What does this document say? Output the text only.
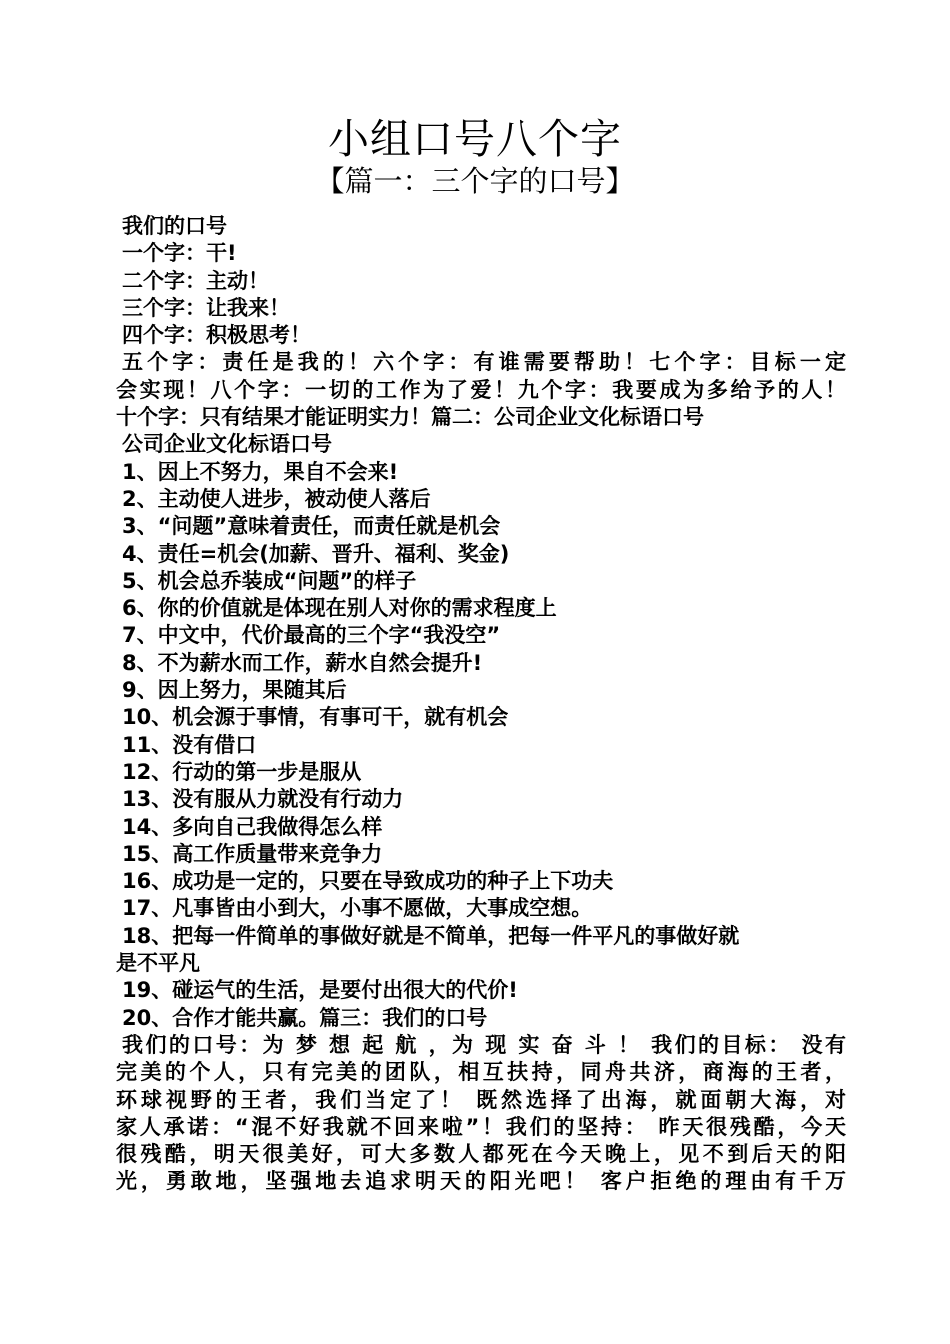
小组口号八个字
【篇一：三个字的口号】
我们的口号
一个字：干!
二个字：主动！
三个字：让我来！
四个字：积极思考！
五个字：责任是我的！六个字：有谁需要帮助！七个字：目标一定
会实现！八个字：一切的工作为了爱！九个字：我要成为多给予的人！
十个字：只有结果才能证明实力！篇二：公司企业文化标语口号
公司企业文化标语口号
1、因上不努力，果自不会来!
2、主动使人进步，被动使人落后
3、“问题”意味着责任，而责任就是机会
4、责任=机会(加薪、晋升、福利、奖金)
5、机会总乔装成“问题”的样子
6、你的价值就是体现在别人对你的需求程度上
7、中文中，代价最高的三个字“我没空”
8、不为薪水而工作，薪水自然会提升!
9、因上努力，果随其后
10、机会源于事情，有事可干，就有机会
11、没有借口
12、行动的第一步是服从
13、没有服从力就没有行动力
14、多向自己我做得怎么样
15、高工作质量带来竞争力
16、成功是一定的，只要在导致成功的种子上下功夫
17、凡事皆由小到大，小事不愿做，大事成空想。
18、把每一件简单的事做好就是不简单，把每一件平凡的事做好就
是不平凡
19、碰运气的生活，是要付出很大的代价!
20、合作才能共赢。篇三：我们的口号
我们的口号：为 梦 想 起 航 ，为 现 实 奋 斗 ！ 我们的目标： 没有
完美的个人，只有完美的团队，相互扶持，同舟共济，商海的王者，
环球视野的王者，我们当定了！ 既然选择了出海，就面朝大海，对
家人承诺：“混不好我就不回来啦”！我们的坚持： 昨天很残酷，今天
很残酷，明天很美好，可大多数人都死在今天晚上，见不到后天的阳
光，勇敢地，坚强地去追求明天的阳光吧！ 客户拒绝的理由有千万
